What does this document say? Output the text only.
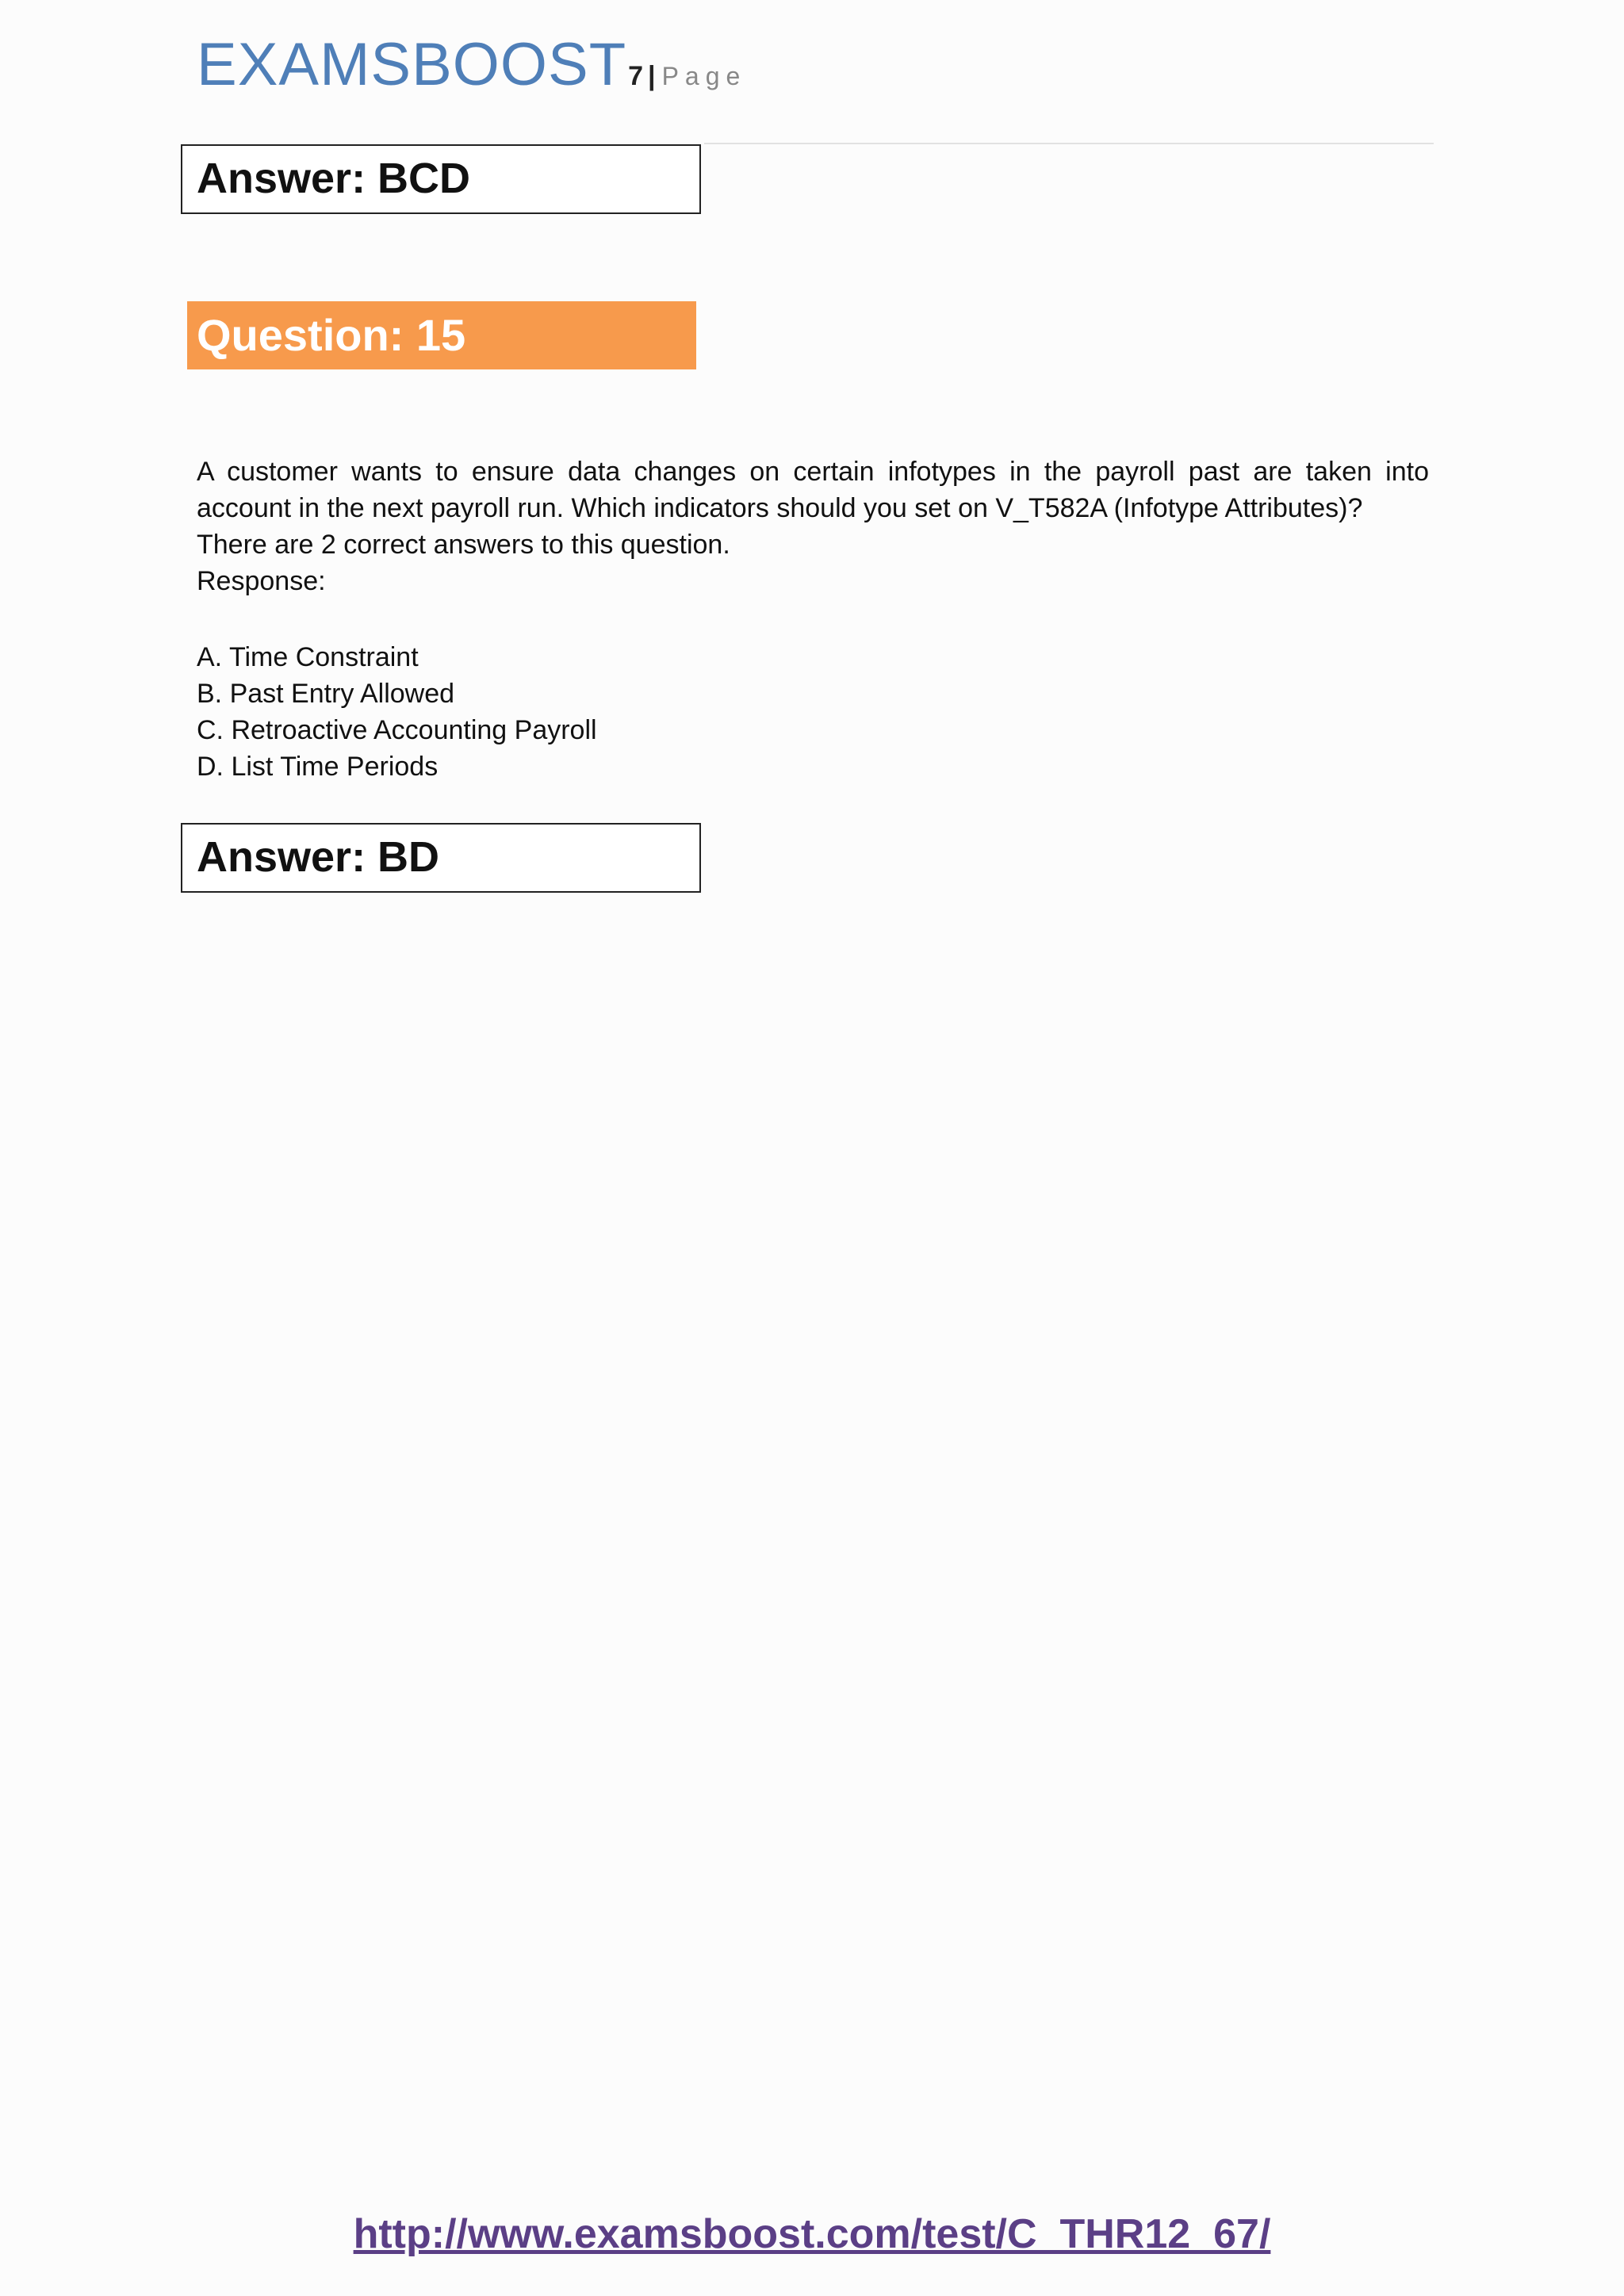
EXAMSBOOST7 | Page
Answer: BCD
Question: 15
A customer wants to ensure data changes on certain infotypes in the payroll past are taken into
account in the next payroll run. Which indicators should you set on V_T582A (Infotype Attributes)?
There are 2 correct answers to this question.
Response:
A. Time Constraint
B. Past Entry Allowed
C. Retroactive Accounting Payroll
D. List Time Periods
Answer: BD
http://www.examsboost.com/test/C_THR12_67/
